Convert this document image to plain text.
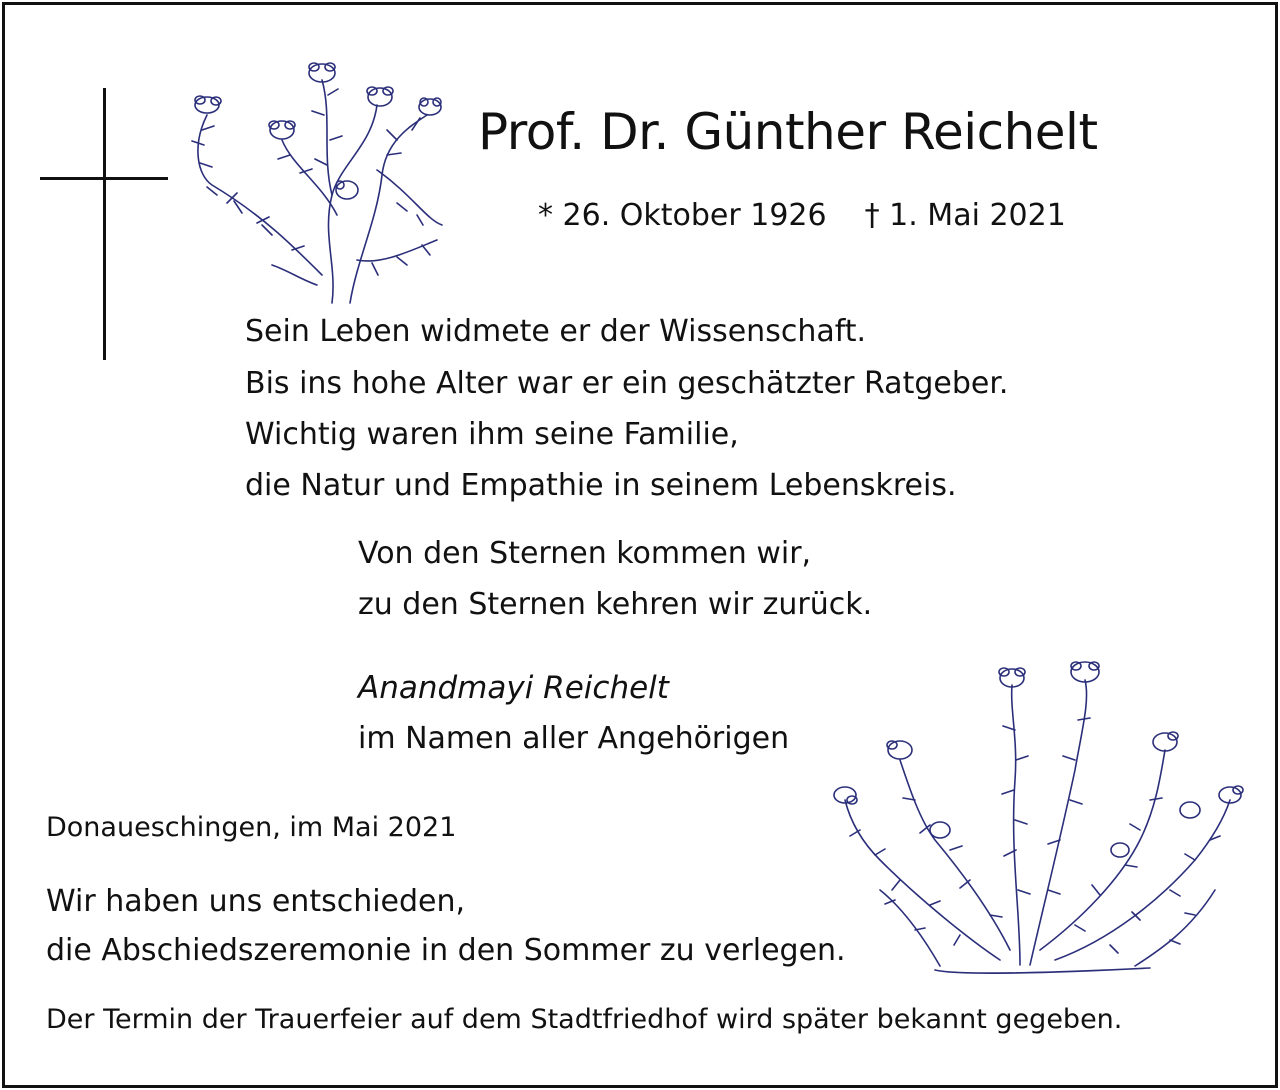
Prof. Dr. Günther Reichelt
* 26. Oktober 1926 † 1. Mai 2021
Sein Leben widmete er der Wissenschaft.
Bis ins hohe Alter war er ein geschätzter Ratgeber.
Wichtig waren ihm seine Familie,
die Natur und Empathie in seinem Lebenskreis.
Von den Sternen kommen wir,
zu den Sternen kehren wir zurück.
Anandmayi Reichelt
im Namen aller Angehörigen
Donaueschingen, im Mai 2021
Wir haben uns entschieden,
die Abschiedszeremonie in den Sommer zu verlegen.
Der Termin der Trauerfeier auf dem Stadtfriedhof wird später bekannt gegeben.
